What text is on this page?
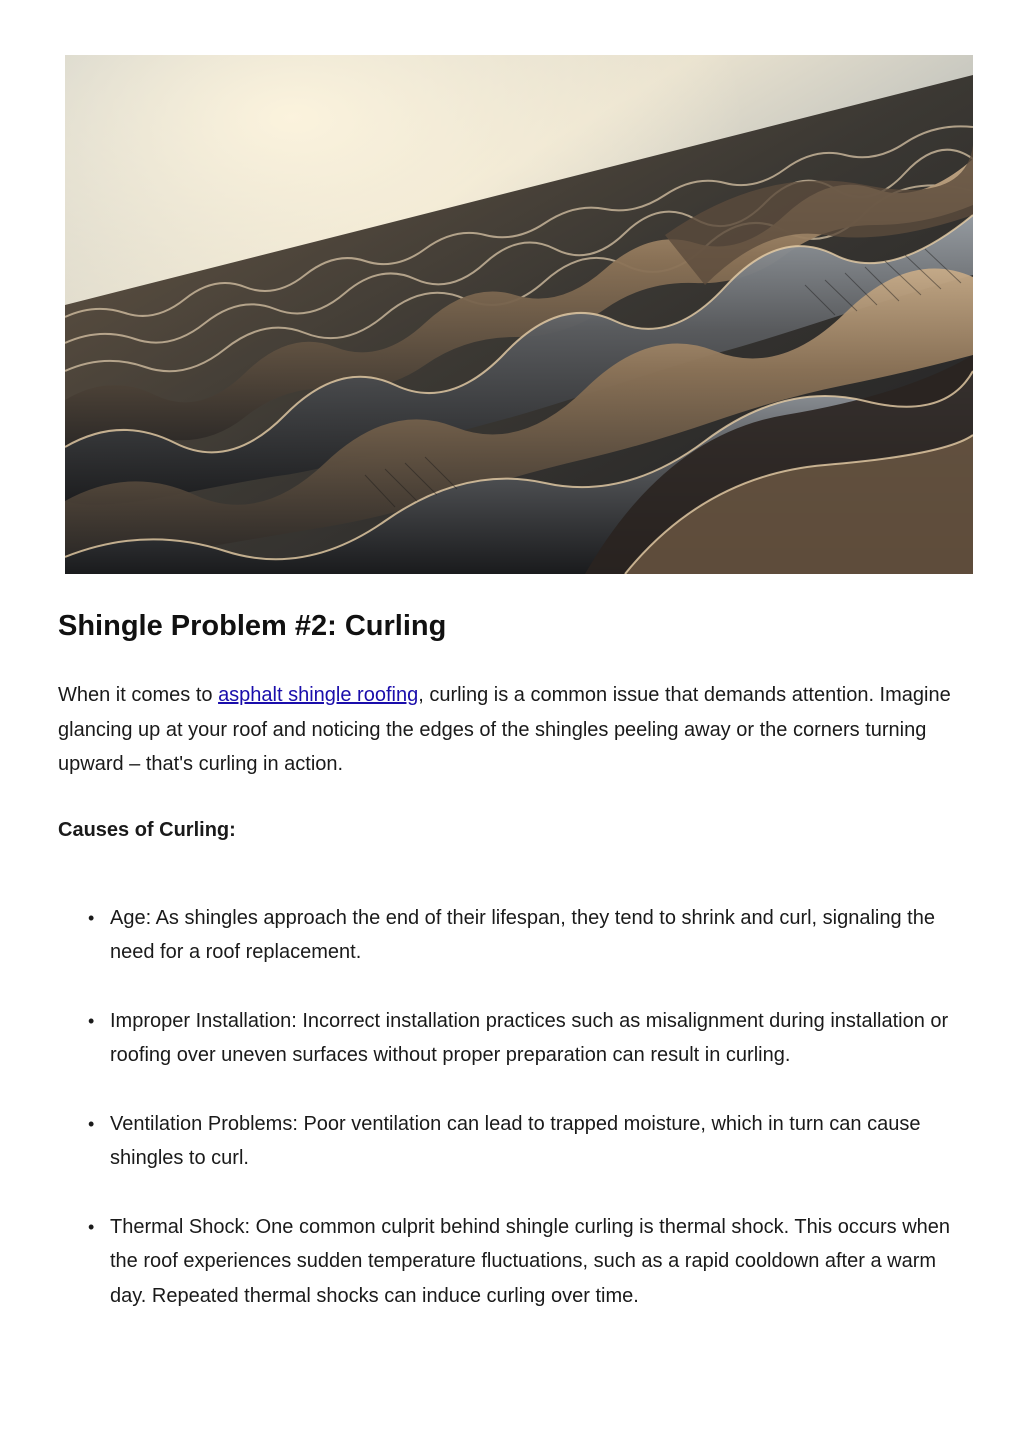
Shingle Problem #2: Curling

When it comes to asphalt shingle roofing, curling is a common issue that demands attention. Imagine glancing up at your roof and noticing the edges of the shingles peeling away or the corners turning upward – that's curling in action.

Causes of Curling:

• Age: As shingles approach the end of their lifespan, they tend to shrink and curl, signaling the need for a roof replacement.
• Improper Installation: Incorrect installation practices such as misalignment during installation or roofing over uneven surfaces without proper preparation can result in curling.
• Ventilation Problems: Poor ventilation can lead to trapped moisture, which in turn can cause shingles to curl.
• Thermal Shock: One common culprit behind shingle curling is thermal shock. This occurs when the roof experiences sudden temperature fluctuations, such as a rapid cooldown after a warm day. Repeated thermal shocks can induce curling over time.
